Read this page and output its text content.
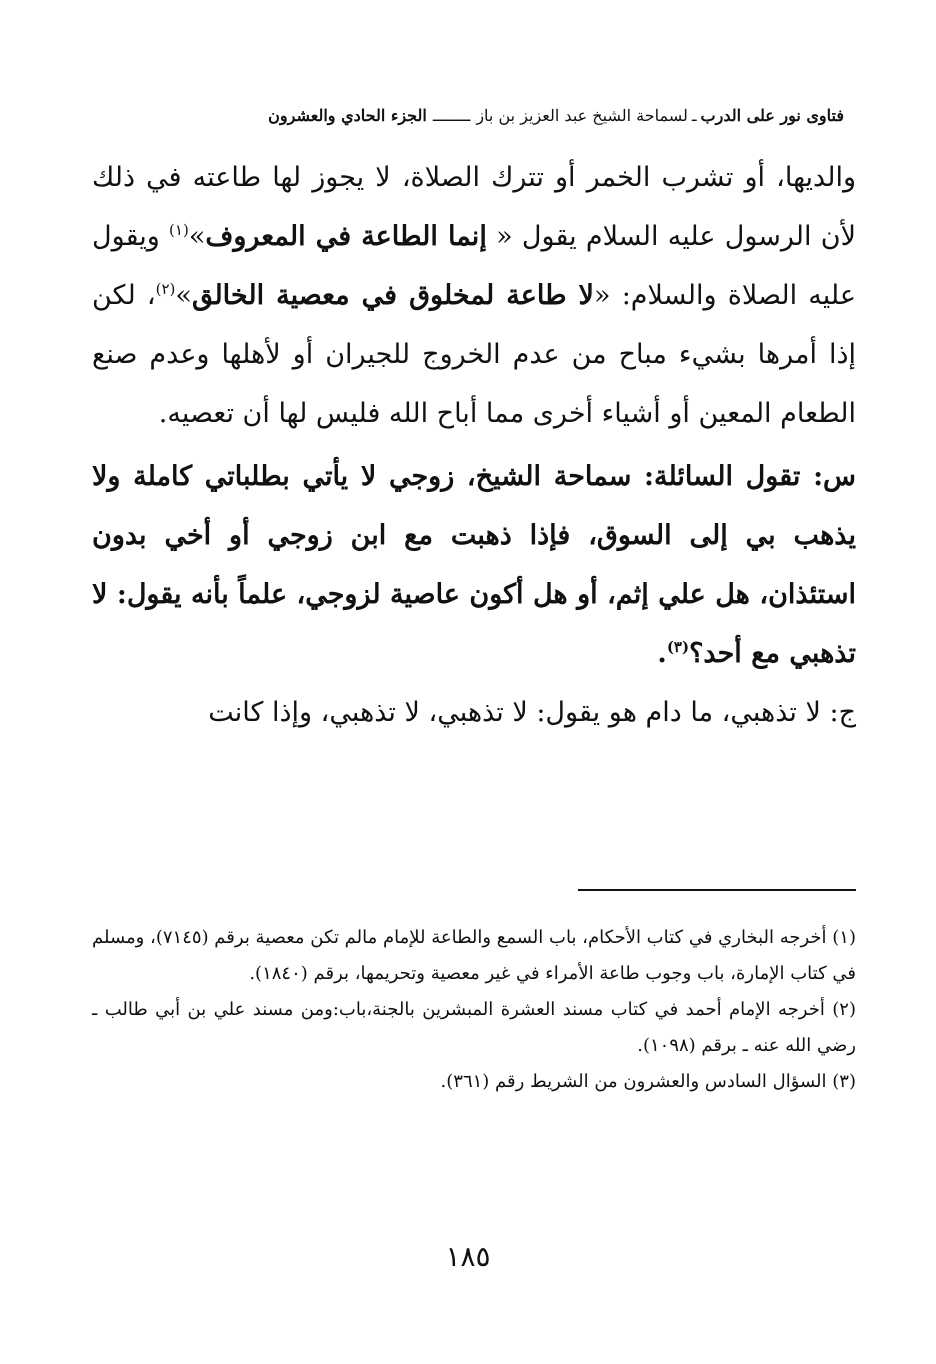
فتاوى نور على الدرب
ـ
لسماحة الشيخ عبد العزيز بن باز
ــــــــ
الجزء الحادي والعشرون

والديها، أو تشرب الخمر أو تترك الصلاة، لا يجوز لها طاعته في ذلك لأن الرسول عليه السلام يقول « إنما الطاعة في المعروف»$^{(١)}$ ويقول عليه الصلاة والسلام: «لا طاعة لمخلوق في معصية الخالق»$^{(٢)}$، لكن إذا أمرها بشيء مباح من عدم الخروج للجيران أو لأهلها وعدم صنع الطعام المعين أو أشياء أخرى مما أباح الله فليس لها أن تعصيه.

س: تقول السائلة: سماحة الشيخ، زوجي لا يأتي بطلباتي كاملة ولا يذهب بي إلى السوق، فإذا ذهبت مع ابن زوجي أو أخي بدون استئذان، هل علي إثم، أو هل أكون عاصية لزوجي، علماً بأنه يقول: لا تذهبي مع أحد؟$^{(٣)}$.

ج: لا تذهبي، ما دام هو يقول: لا تذهبي، لا تذهبي، وإذا كانت

(١) أخرجه البخاري في كتاب الأحكام، باب السمع والطاعة للإمام مالم تكن معصية برقم (٧١٤٥)، ومسلم في كتاب الإمارة، باب وجوب طاعة الأمراء في غير معصية وتحريمها، برقم (١٨٤٠).

(٢) أخرجه الإمام أحمد في كتاب مسند العشرة المبشرين بالجنة،باب:ومن مسند علي بن أبي طالب ـ رضي الله عنه ـ برقم (١٠٩٨).

(٣) السؤال السادس والعشرون من الشريط رقم (٣٦١).

١٨٥
